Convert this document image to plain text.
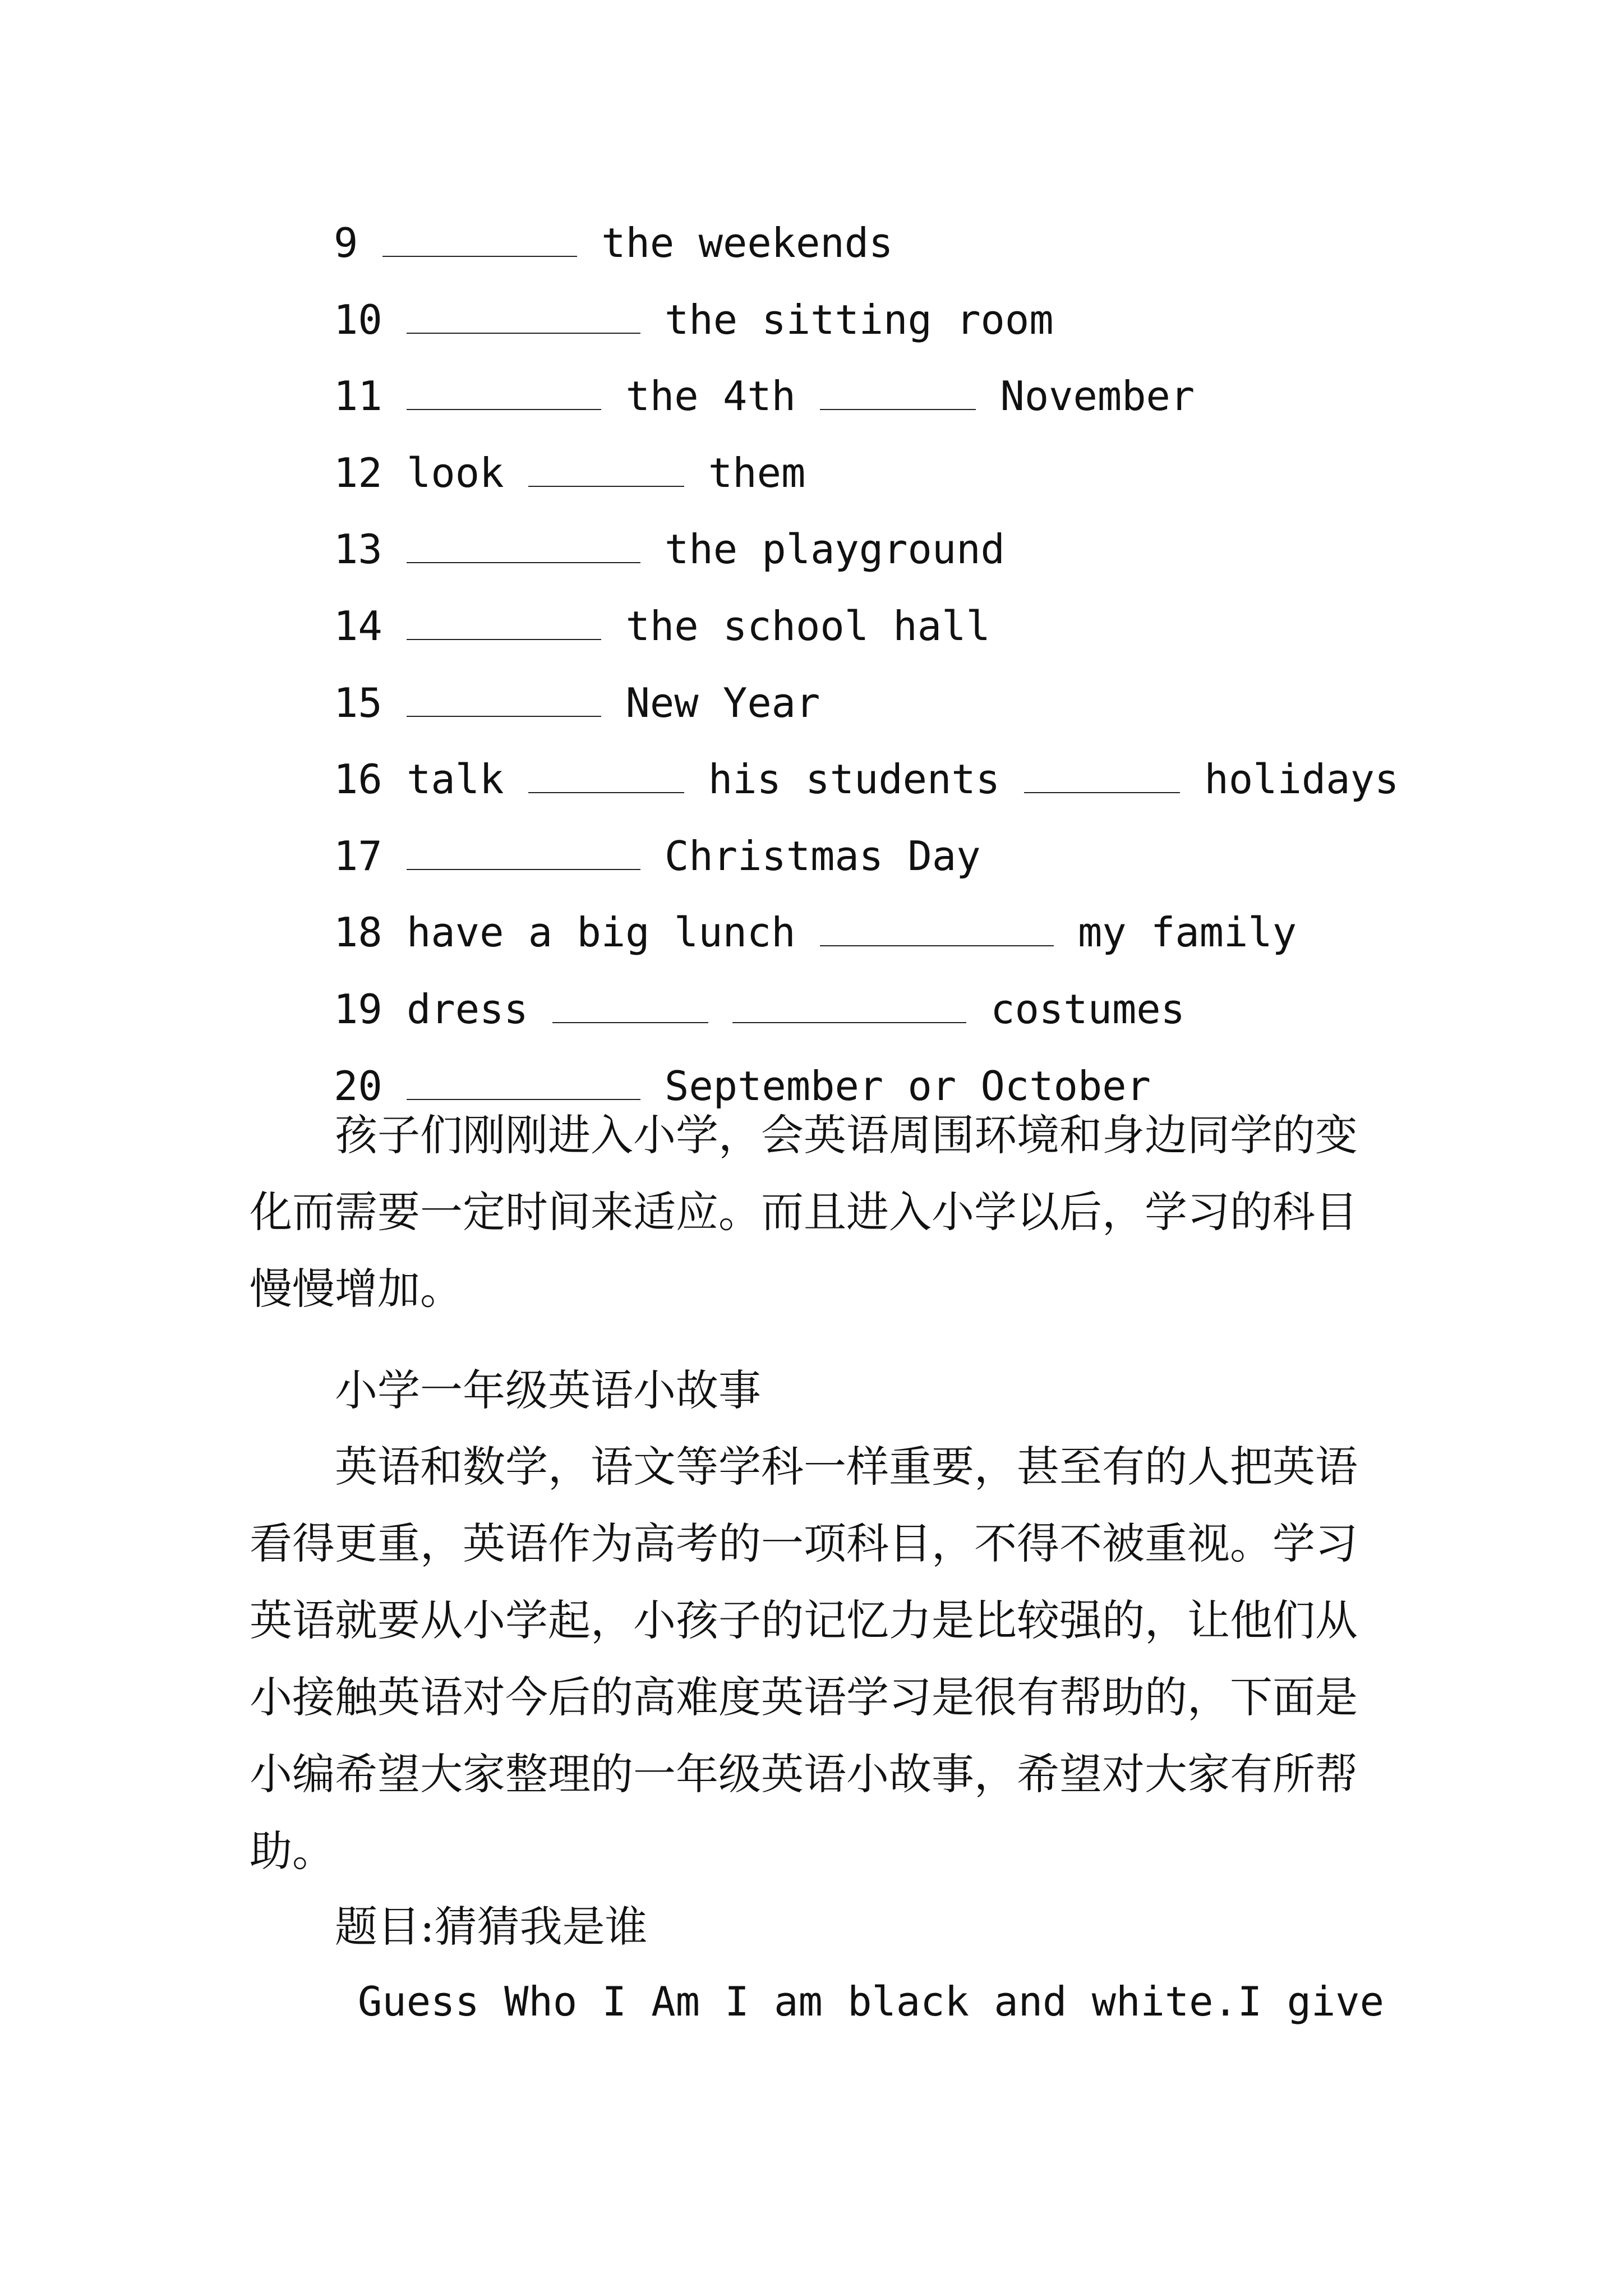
9	the weekends
10	the sitting room
11	the 4th	November
12 look	them
13	the playground
14	the school hall
15	New Year
16 talk	his students	holidays
17	Christmas Day
18 have a big lunch	my family
19 dress	costumes
20	September or October

孩子们刚刚进入小学，会英语周围环境和身边同学的变化而需要一定时间来适应。而且进入小学以后，学习的科目慢慢增加。

小学一年级英语小故事

英语和数学，语文等学科一样重要，甚至有的人把英语看得更重，英语作为高考的一项科目，不得不被重视。学习英语就要从小学起，小孩子的记忆力是比较强的，让他们从小接触英语对今后的高难度英语学习是很有帮助的，下面是小编希望大家整理的一年级英语小故事，希望对大家有所帮助。

题目:猜猜我是谁

Guess Who I Am I am black and white.I give
